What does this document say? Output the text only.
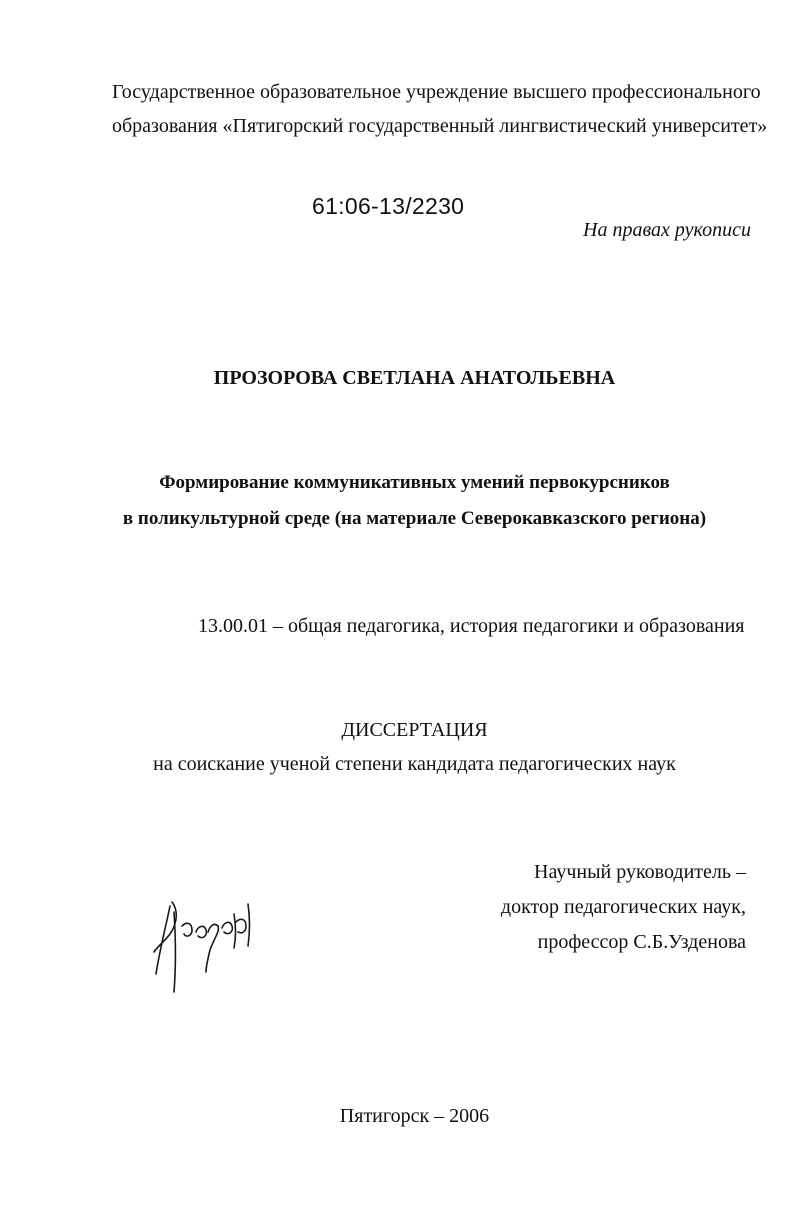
Государственное образовательное учреждение высшего профессионального
образования «Пятигорский государственный лингвистический университет»
61:06-13/2230
На правах рукописи
ПРОЗОРОВА СВЕТЛАНА АНАТОЛЬЕВНА
Формирование коммуникативных умений первокурсников
в поликультурной среде (на материале Северокавказского региона)
13.00.01 – общая педагогика, история педагогики и образования
ДИССЕРТАЦИЯ
на соискание ученой степени кандидата педагогических наук
Научный руководитель –
доктор педагогических наук,
профессор С.Б.Узденова
Пятигорск – 2006
